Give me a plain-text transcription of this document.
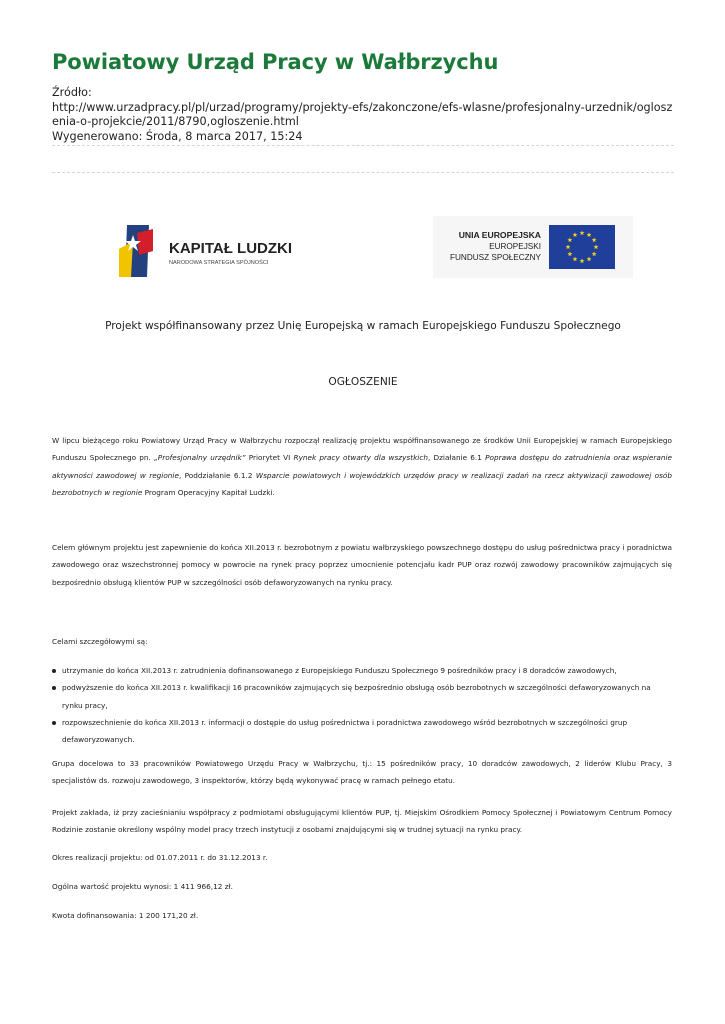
Powiatowy Urząd Pracy w Wałbrzychu
Źródło:
http://www.urzadpracy.pl/pl/urzad/programy/projekty-efs/zakonczone/efs-wlasne/profesjonalny-urzednik/ogloszenia-o-projekcie/2011/8790,ogloszenie.html
Wygenerowano: Środa, 8 marca 2017, 15:24
KAPITAŁ LUDZKI
NARODOWA STRATEGIA SPÓJNOŚCI
UNIA EUROPEJSKA
EUROPEJSKI
FUNDUSZ SPOŁECZNY
Projekt współfinansowany przez Unię Europejską w ramach Europejskiego Funduszu Społecznego
OGŁOSZENIE
W lipcu bieżącego roku Powiatowy Urząd Pracy w Wałbrzychu rozpoczął realizację projektu współfinansowanego ze środków Unii Europejskiej w ramach Europejskiego Funduszu Społecznego pn. „Profesjonalny urzędnik” Priorytet VI Rynek pracy otwarty dla wszystkich, Działanie 6.1 Poprawa dostępu do zatrudnienia oraz wspieranie aktywności zawodowej w regionie, Poddziałanie 6.1.2 Wsparcie powiatowych i wojewódzkich urzędów pracy w realizacji zadań na rzecz aktywizacji zawodowej osób bezrobotnych w regionie Program Operacyjny Kapitał Ludzki.
Celem głównym projektu jest zapewnienie do końca XII.2013 r. bezrobotnym z powiatu wałbrzyskiego powszechnego dostępu do usług pośrednictwa pracy i poradnictwa zawodowego oraz wszechstronnej pomocy w powrocie na rynek pracy poprzez umocnienie potencjału kadr PUP oraz rozwój zawodowy pracowników zajmujących się bezpośrednio obsługą klientów PUP w szczególności osób defaworyzowanych na rynku pracy.
Celami szczegółowymi są:
utrzymanie do końca XII.2013 r. zatrudnienia dofinansowanego z Europejskiego Funduszu Społecznego 9 pośredników pracy i 8 doradców zawodowych,
podwyższenie do końca XII.2013 r. kwalifikacji 16 pracowników zajmujących się bezpośrednio obsługą osób bezrobotnych w szczególności defaworyzowanych na rynku pracy,
rozpowszechnienie do końca XII.2013 r. informacji o dostępie do usług pośrednictwa i poradnictwa zawodowego wśród bezrobotnych w szczególności grup defaworyzowanych.
Grupa docelowa to 33 pracowników Powiatowego Urzędu Pracy w Wałbrzychu, tj.: 15 pośredników pracy, 10 doradców zawodowych, 2 liderów Klubu Pracy, 3 specjalistów ds. rozwoju zawodowego, 3 inspektorów, którzy będą wykonywać pracę w ramach pełnego etatu.
Projekt zakłada, iż przy zacieśnianiu współpracy z podmiotami obsługującymi klientów PUP, tj. Miejskim Ośrodkiem Pomocy Społecznej i Powiatowym Centrum Pomocy Rodzinie zostanie określony wspólny model pracy trzech instytucji z osobami znajdującymi się w trudnej sytuacji na rynku pracy.
Okres realizacji projektu: od 01.07.2011 r. do 31.12.2013 r.
Ogólna wartość projektu wynosi: 1 411 966,12 zł.
Kwota dofinansowania: 1 200 171,20 zł.
